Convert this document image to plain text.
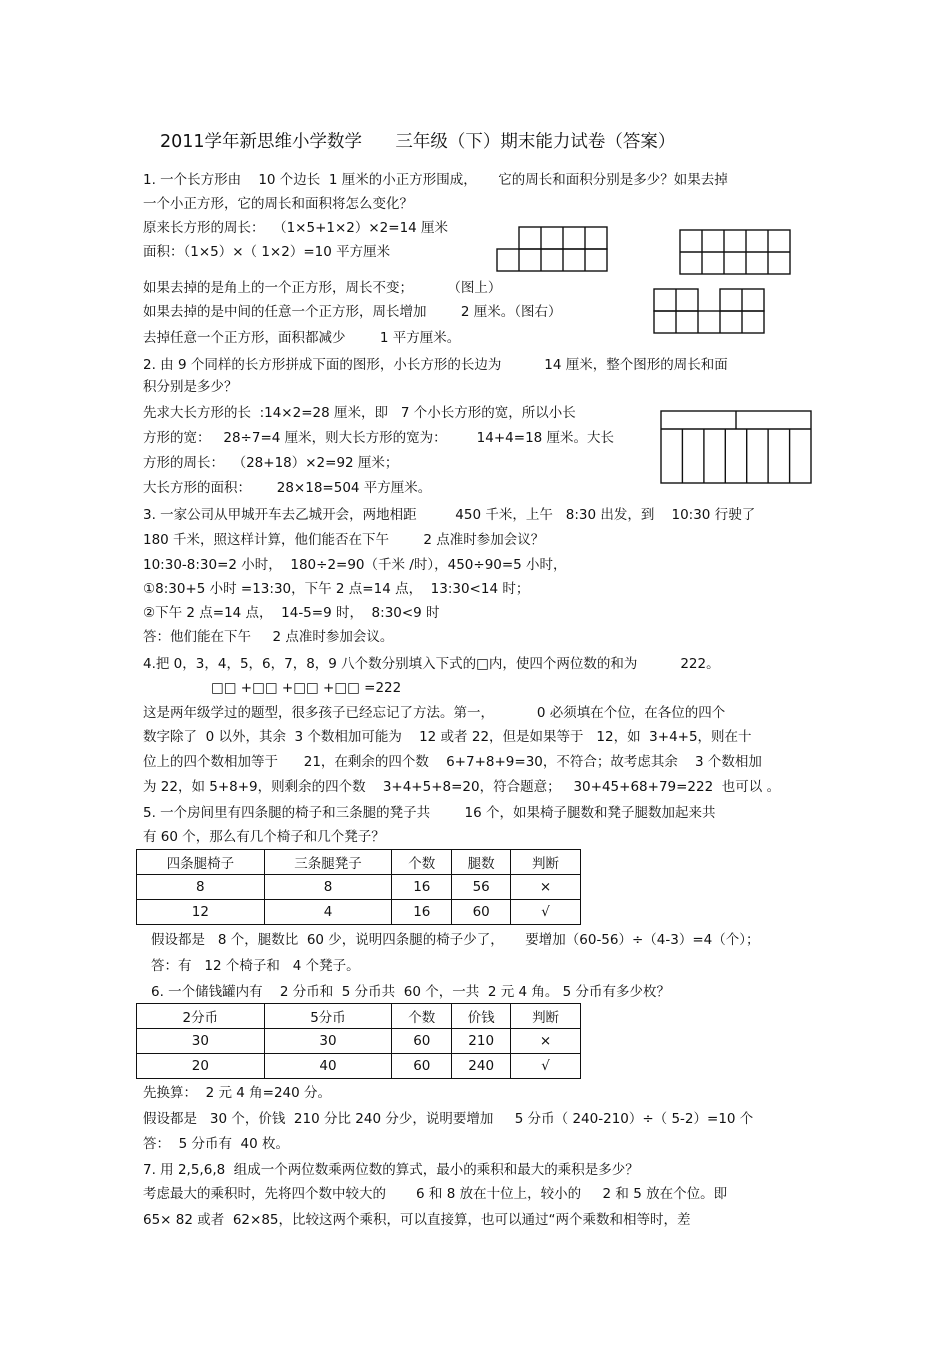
2011学年新思维小学数学      三年级（下）期末能力试卷（答案）
1. 一个长方形由    10 个边长  1 厘米的小正方形围成，     它的周长和面积分别是多少？如果去掉
一个小正方形，它的周长和面积将怎么变化？
原来长方形的周长：  （1×5+1×2）×2=14 厘米
面积：（1×5）×（ 1×2）=10 平方厘米
如果去掉的是角上的一个正方形，周长不变；        （图上）
如果去掉的是中间的任意一个正方形，周长增加        2 厘米。（图右）
去掉任意一个正方形，面积都减少        1 平方厘米。
2. 由 9 个同样的长方形拼成下面的图形，小长方形的长边为          14 厘米，整个图形的周长和面
积分别是多少？
先求大长方形的长  :14×2=28 厘米，即   7 个小长方形的宽，所以小长
方形的宽：   28÷7=4 厘米，则大长方形的宽为：       14+4=18 厘米。大长
方形的周长：  （28+18）×2=92 厘米；
大长方形的面积：      28×18=504 平方厘米。
3. 一家公司从甲城开车去乙城开会，两地相距         450 千米，上午   8:30 出发，到    10:30 行驶了
180 千米，照这样计算，他们能否在下午        2 点准时参加会议？
10:30-8:30=2 小时，  180÷2=90（千米 /时），450÷90=5 小时，
①8:30+5 小时 =13:30，下午 2 点=14 点，  13:30<14 时；
②下午 2 点=14 点，  14-5=9 时，  8:30<9 时
答：他们能在下午     2 点准时参加会议。
4.把 0，3，4，5，6，7，8，9 八个数分别填入下式的□内，使四个两位数的和为          222。
□□ +□□ +□□ +□□ =222
这是两年级学过的题型，很多孩子已经忘记了方法。第一，          0 必须填在个位，在各位的四个
数字除了  0 以外，其余  3 个数相加可能为    12 或者 22，但是如果等于   12，如  3+4+5，则在十
位上的四个数相加等于      21，在剩余的四个数    6+7+8+9=30，不符合；故考虑其余    3 个数相加
为 22，如 5+8+9，则剩余的四个数    3+4+5+8=20，符合题意；   30+45+68+79=222  也可以 。
5. 一个房间里有四条腿的椅子和三条腿的凳子共        16 个，如果椅子腿数和凳子腿数加起来共
有 60 个，那么有几个椅子和几个凳子？
四条腿椅子	三条腿凳子	个数	腿数	判断
8	8	16	56	×
12	4	16	60	√
假设都是   8 个，腿数比  60 少，说明四条腿的椅子少了，     要增加（60-56）÷（4-3）=4（个）；
答：有   12 个椅子和   4 个凳子。
6. 一个储钱罐内有    2 分币和  5 分币共  60 个，一共  2 元 4 角。 5 分币有多少枚？
2分币	5分币	个数	价钱	判断
30	30	60	210	×
20	40	60	240	√
先换算：  2 元 4 角=240 分。
假设都是   30 个，价钱  210 分比 240 分少，说明要增加     5 分币（ 240-210）÷（ 5-2）=10 个
答：  5 分币有  40 枚。
7. 用 2,5,6,8  组成一个两位数乘两位数的算式，最小的乘积和最大的乘积是多少？
考虑最大的乘积时，先将四个数中较大的       6 和 8 放在十位上，较小的     2 和 5 放在个位。即
65× 82 或者  62×85，比较这两个乘积，可以直接算，也可以通过“两个乘数和相等时，差
